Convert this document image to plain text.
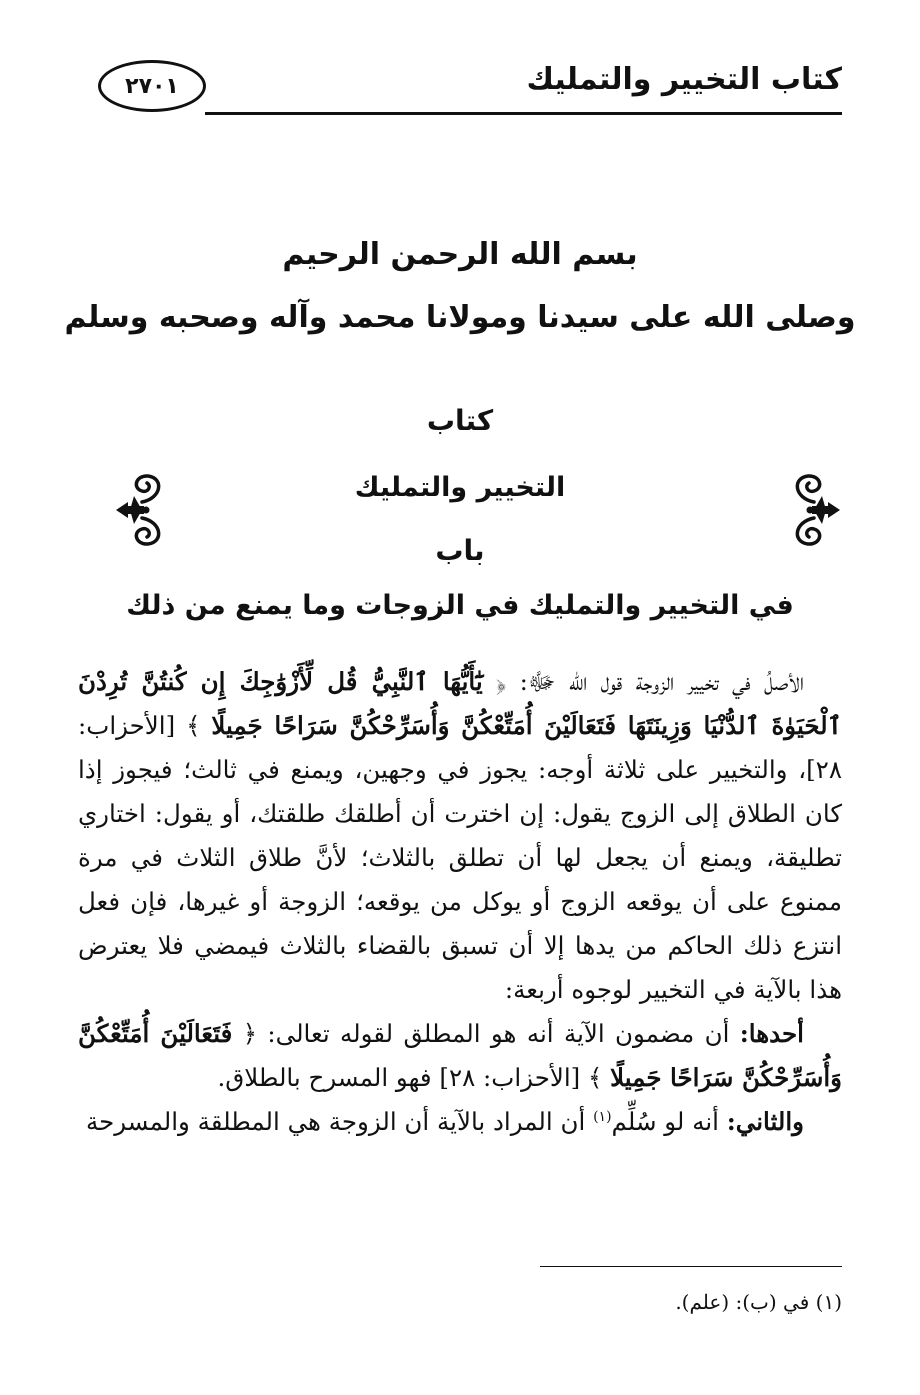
كتاب التخيير والتمليك
٢٧٠١
بسم الله الرحمن الرحيم
وصلى الله على سيدنا ومولانا محمد وآله وصحبه وسلم
كتاب
التخيير والتمليك
باب
في التخيير والتمليك في الزوجات وما يمنع من ذلك

الأصلُ في تخيير الزوجة قول الله ﷻ: ﴿ يَٰٓأَيُّهَا ٱلنَّبِيُّ قُل لِّأَزْوَٰجِكَ إِن كُنتُنَّ تُرِدْنَ ٱلْحَيَوٰةَ ٱلدُّنْيَا وَزِينَتَهَا فَتَعَالَيْنَ أُمَتِّعْكُنَّ وَأُسَرِّحْكُنَّ سَرَاحًا جَمِيلًا ﴾ [الأحزاب: ٢٨]، والتخيير على ثلاثة أوجه: يجوز في وجهين، ويمنع في ثالث؛ فيجوز إذا كان الطلاق إلى الزوج يقول: إن اخترت أن أطلقك طلقتك، أو يقول: اختاري تطليقة، ويمنع أن يجعل لها أن تطلق بالثلاث؛ لأنَّ طلاق الثلاث في مرة ممنوع على أن يوقعه الزوج أو يوكل من يوقعه؛ الزوجة أو غيرها، فإن فعل انتزع ذلك الحاكم من يدها إلا أن تسبق بالقضاء بالثلاث فيمضي فلا يعترض هذا بالآية في التخيير لوجوه أربعة:

أحدها: أن مضمون الآية أنه هو المطلق لقوله تعالى: ﴿ فَتَعَالَيْنَ أُمَتِّعْكُنَّ وَأُسَرِّحْكُنَّ سَرَاحًا جَمِيلًا ﴾ [الأحزاب: ٢٨] فهو المسرح بالطلاق.

والثاني: أنه لو سُلِّم$^{(١)}$ أن المراد بالآية أن الزوجة هي المطلقة والمسرحة

(١) في (ب): (علم).
